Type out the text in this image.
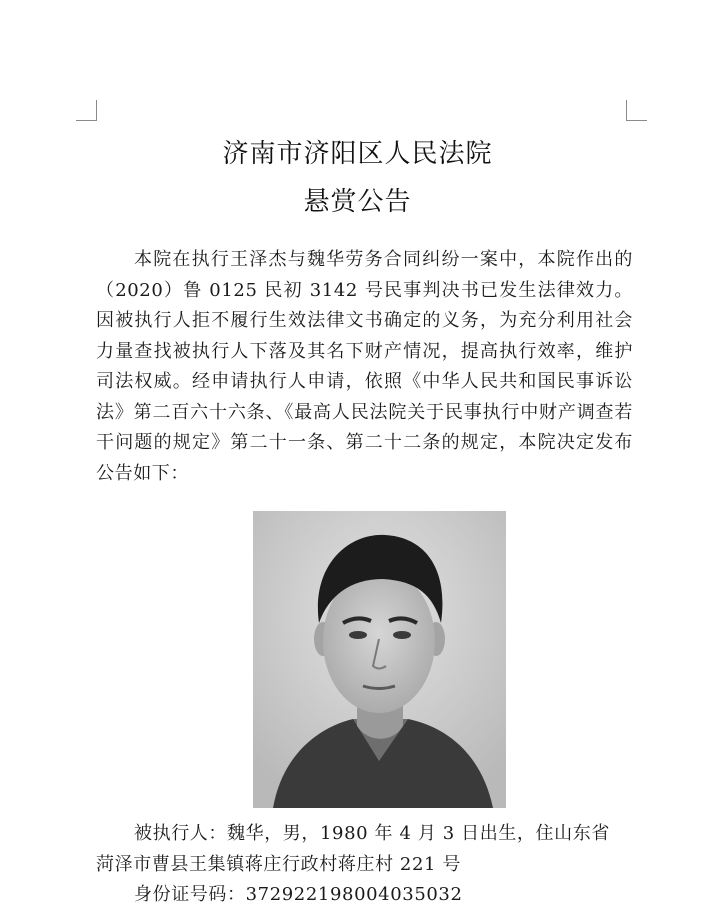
济南市济阳区人民法院
悬赏公告
本院在执行王泽杰与魏华劳务合同纠纷一案中，本院作出的（2020）鲁 0125 民初 3142 号民事判决书已发生法律效力。因被执行人拒不履行生效法律文书确定的义务，为充分利用社会力量查找被执行人下落及其名下财产情况，提高执行效率，维护司法权威。经申请执行人申请，依照《中华人民共和国民事诉讼法》第二百六十六条、《最高人民法院关于民事执行中财产调查若干问题的规定》第二十一条、第二十二条的规定，本院决定发布公告如下：
被执行人：魏华，男，1980 年 4 月 3 日出生，住山东省
菏泽市曹县王集镇蒋庄行政村蒋庄村 221 号
身份证号码：372922198004035032
